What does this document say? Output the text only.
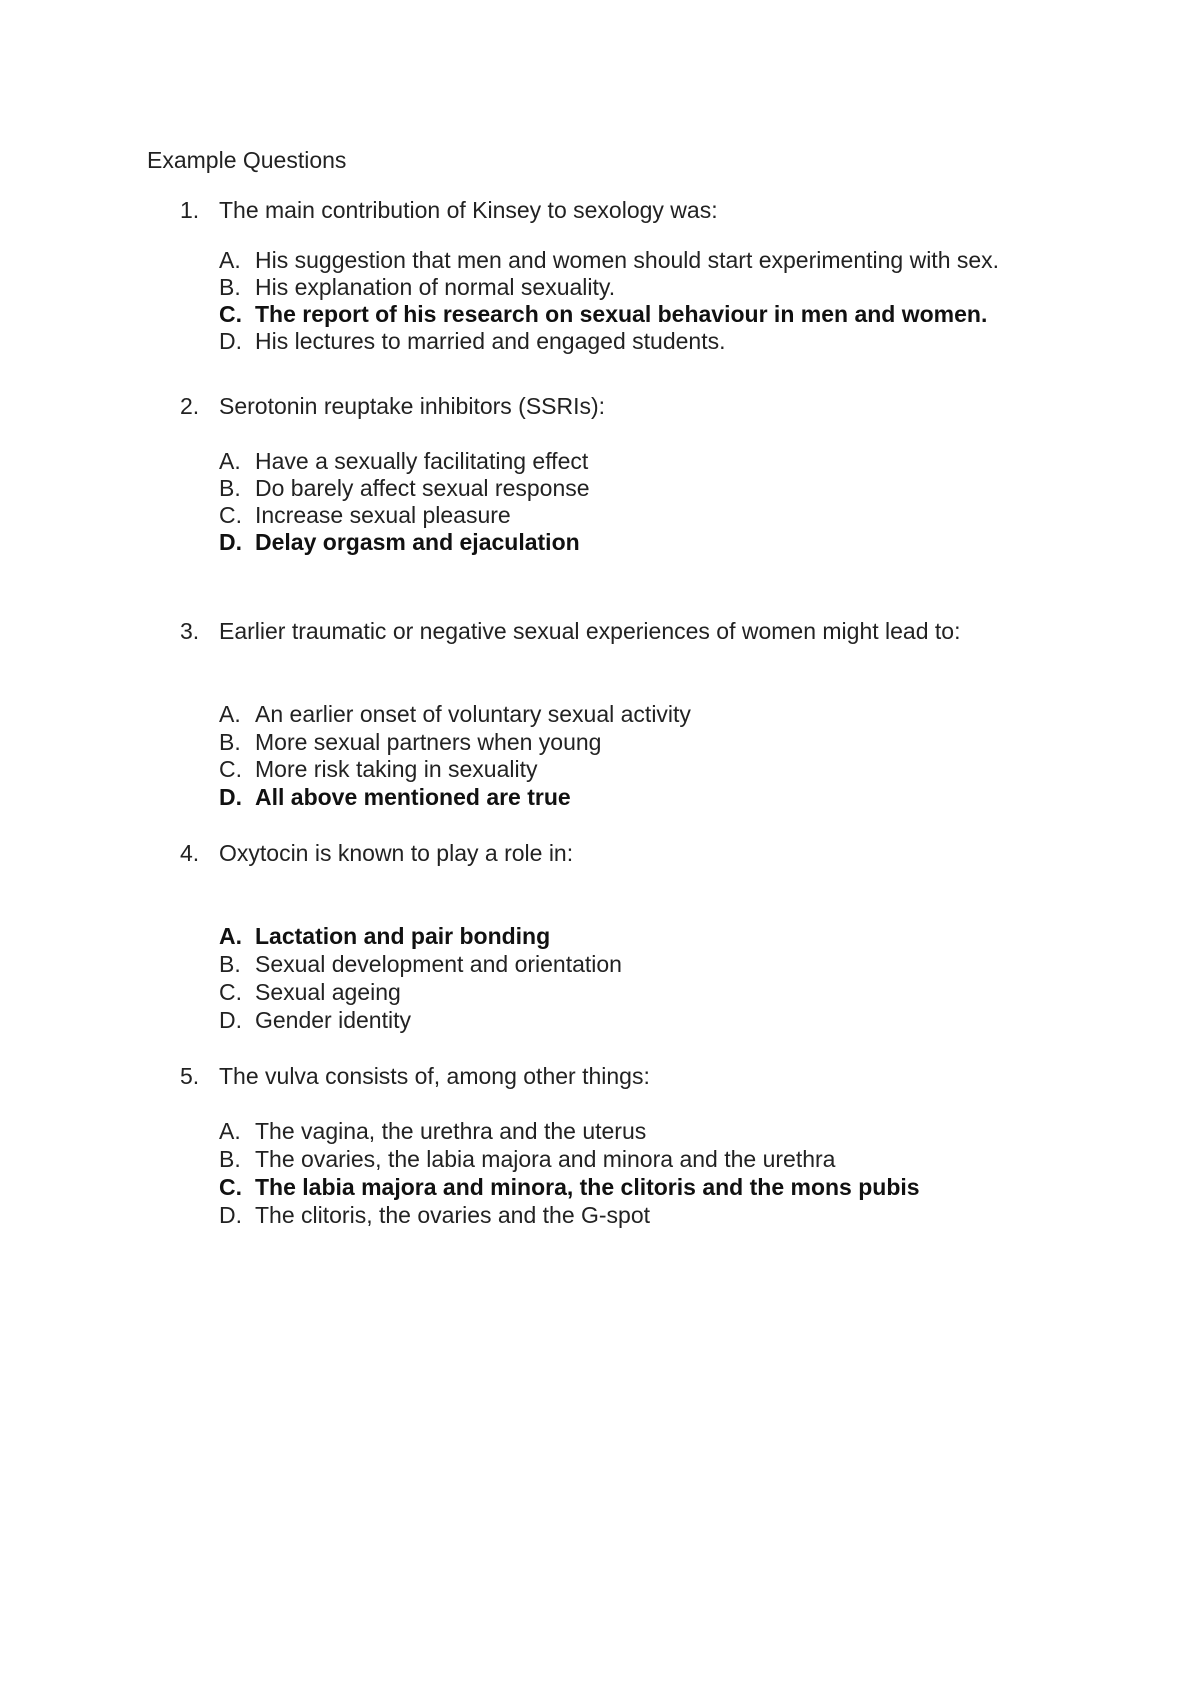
Example Questions
1. The main contribution of Kinsey to sexology was:
A. His suggestion that men and women should start experimenting with sex.
B. His explanation of normal sexuality.
C. The report of his research on sexual behaviour in men and women.
D. His lectures to married and engaged students.
2. Serotonin reuptake inhibitors (SSRIs):
A. Have a sexually facilitating effect
B. Do barely affect sexual response
C. Increase sexual pleasure
D. Delay orgasm and ejaculation
3. Earlier traumatic or negative sexual experiences of women might lead to:
A. An earlier onset of voluntary sexual activity
B. More sexual partners when young
C. More risk taking in sexuality
D. All above mentioned are true
4. Oxytocin is known to play a role in:
A. Lactation and pair bonding
B. Sexual development and orientation
C. Sexual ageing
D. Gender identity
5. The vulva consists of, among other things:
A. The vagina, the urethra and the uterus
B. The ovaries, the labia majora and minora and the urethra
C. The labia majora and minora, the clitoris and the mons pubis
D. The clitoris, the ovaries and the G-spot
